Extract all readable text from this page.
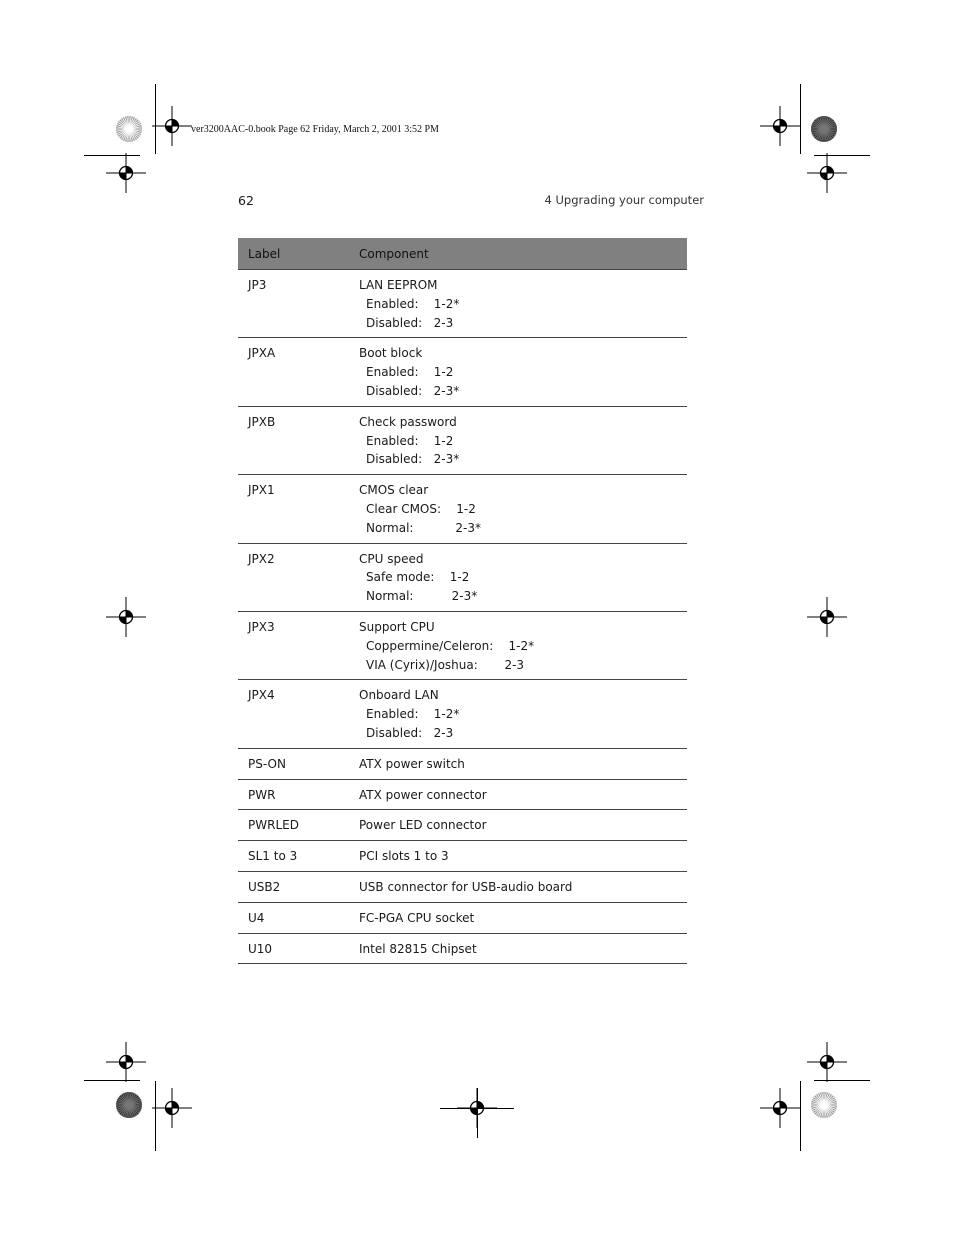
ver3200AAC-0.book Page 62 Friday, March 2, 2001 3:52 PM
62	4 Upgrading your computer
Label	Component
JP3	LAN EEPROM
Enabled:    1-2*
Disabled:   2-3

JPXA	Boot block
Enabled:    1-2
Disabled:   2-3*

JPXB	Check password
Enabled:    1-2
Disabled:   2-3*

JPX1	CMOS clear
Clear CMOS:    1-2
Normal:           2-3*

JPX2	CPU speed
Safe mode:    1-2
Normal:          2-3*

JPX3	Support CPU
Coppermine/Celeron:    1-2*
VIA (Cyrix)/Joshua:       2-3

JPX4	Onboard LAN
Enabled:    1-2*
Disabled:   2-3

PS-ON	ATX power switch
PWR	ATX power connector
PWRLED	Power LED connector
SL1 to 3	PCI slots 1 to 3
USB2	USB connector for USB-audio board
U4	FC-PGA CPU socket
U10	Intel 82815 Chipset
